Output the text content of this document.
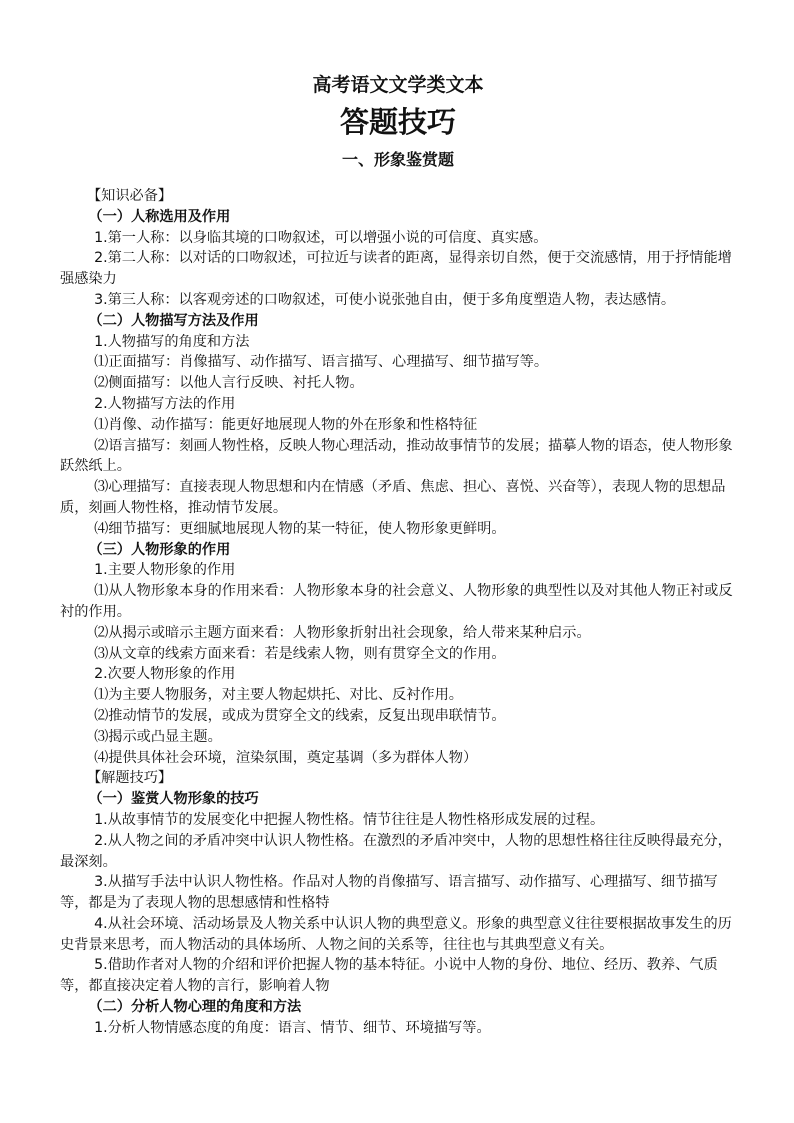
高考语文文学类文本
答题技巧
一、形象鉴赏题
【知识必备】
（一）人称选用及作用
1.第一人称：以身临其境的口吻叙述，可以增强小说的可信度、真实感。
2.第二人称：以对话的口吻叙述，可拉近与读者的距离，显得亲切自然，便于交流感情，用于抒情能增强感染力
3.第三人称：以客观旁述的口吻叙述，可使小说张弛自由，便于多角度塑造人物，表达感情。
（二）人物描写方法及作用
1.人物描写的角度和方法
⑴正面描写：肖像描写、动作描写、语言描写、心理描写、细节描写等。
⑵侧面描写：以他人言行反映、衬托人物。
2.人物描写方法的作用
⑴肖像、动作描写：能更好地展现人物的外在形象和性格特征
⑵语言描写：刻画人物性格，反映人物心理活动，推动故事情节的发展；描摹人物的语态，使人物形象跃然纸上。
⑶心理描写：直接表现人物思想和内在情感（矛盾、焦虑、担心、喜悦、兴奋等），表现人物的思想品质，刻画人物性格，推动情节发展。
⑷细节描写：更细腻地展现人物的某一特征，使人物形象更鲜明。
（三）人物形象的作用
1.主要人物形象的作用
⑴从人物形象本身的作用来看：人物形象本身的社会意义、人物形象的典型性以及对其他人物正衬或反衬的作用。
⑵从揭示或暗示主题方面来看：人物形象折射出社会现象，给人带来某种启示。
⑶从文章的线索方面来看：若是线索人物，则有贯穿全文的作用。
2.次要人物形象的作用
⑴为主要人物服务，对主要人物起烘托、对比、反衬作用。
⑵推动情节的发展，或成为贯穿全文的线索，反复出现串联情节。
⑶揭示或凸显主题。
⑷提供具体社会环境，渲染氛围，奠定基调（多为群体人物）
【解题技巧】
（一）鉴赏人物形象的技巧
1.从故事情节的发展变化中把握人物性格。情节往往是人物性格形成发展的过程。
2.从人物之间的矛盾冲突中认识人物性格。在激烈的矛盾冲突中，人物的思想性格往往反映得最充分，最深刻。
3.从描写手法中认识人物性格。作品对人物的肖像描写、语言描写、动作描写、心理描写、细节描写等，都是为了表现人物的思想感情和性格特
4.从社会环境、活动场景及人物关系中认识人物的典型意义。形象的典型意义往往要根据故事发生的历史背景来思考，而人物活动的具体场所、人物之间的关系等，往往也与其典型意义有关。
5.借助作者对人物的介绍和评价把握人物的基本特征。小说中人物的身份、地位、经历、教养、气质等，都直接决定着人物的言行，影响着人物
（二）分析人物心理的角度和方法
1.分析人物情感态度的角度：语言、情节、细节、环境描写等。
